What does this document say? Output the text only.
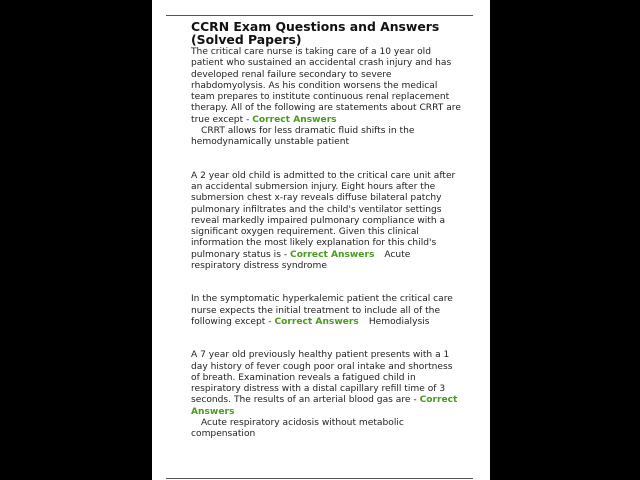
CCRN Exam Questions and Answers (Solved Papers)

The critical care nurse is taking care of a 10 year old patient who sustained an accidental crash injury and has developed renal failure secondary to severe rhabdomyolysis. As his condition worsens the medical team prepares to institute continuous renal replacement therapy. All of the following are statements about CRRT are true except - Correct Answers
CRRT allows for less dramatic fluid shifts in the hemodynamically unstable patient

A 2 year old child is admitted to the critical care unit after an accidental submersion injury. Eight hours after the submersion chest x-ray reveals diffuse bilateral patchy pulmonary infiltrates and the child's ventilator settings reveal markedly impaired pulmonary compliance with a significant oxygen requirement. Given this clinical information the most likely explanation for this child's pulmonary status is - Correct Answers Acute respiratory distress syndrome

In the symptomatic hyperkalemic patient the critical care nurse expects the initial treatment to include all of the following except - Correct Answers Hemodialysis

A 7 year old previously healthy patient presents with a 1 day history of fever cough poor oral intake and shortness of breath. Examination reveals a fatigued child in respiratory distress with a distal capillary refill time of 3 seconds. The results of an arterial blood gas are - Correct Answers
Acute respiratory acidosis without metabolic compensation
